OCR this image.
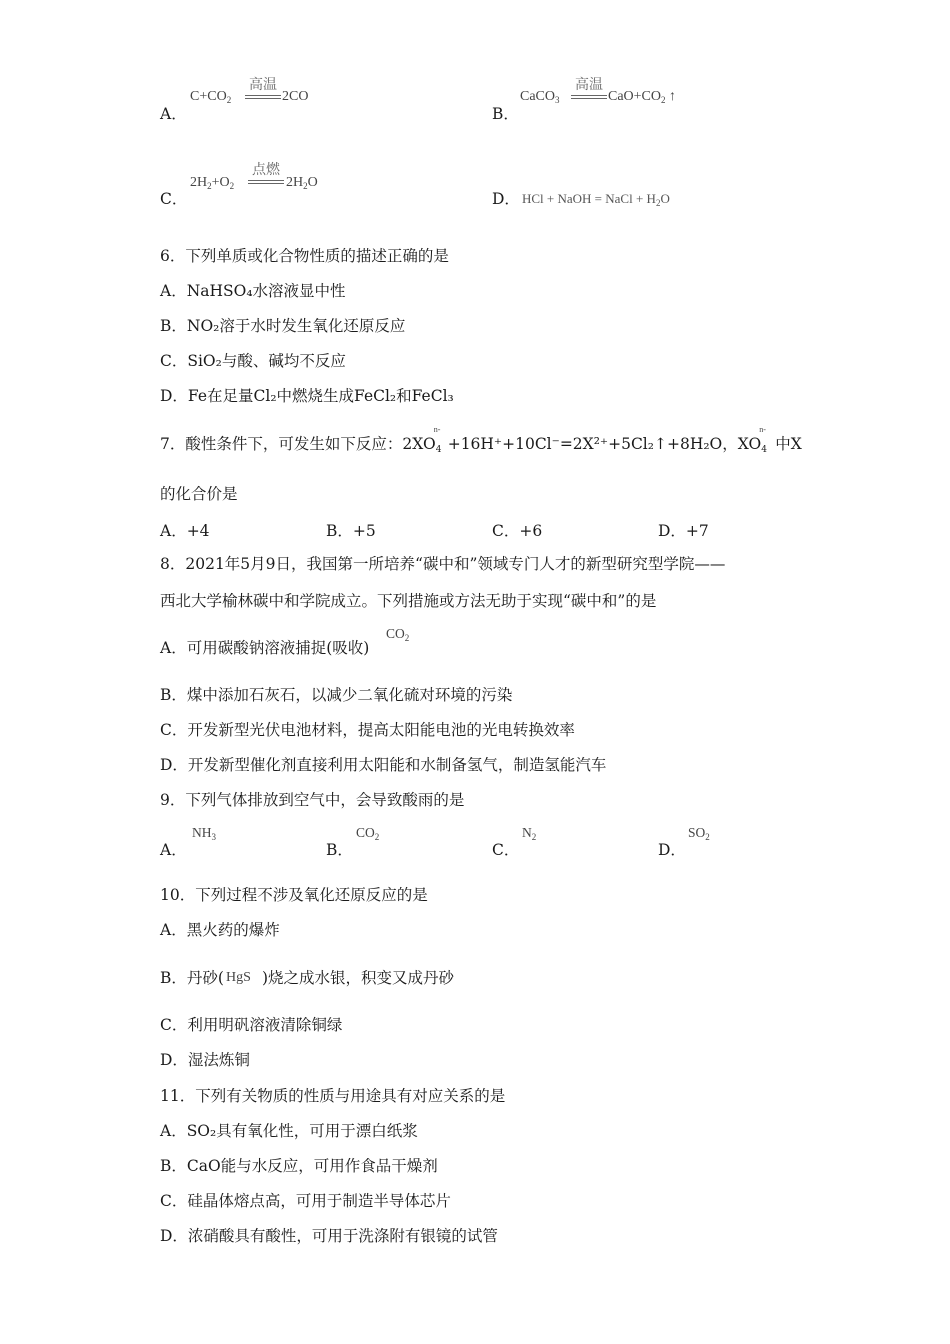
A．
$C+CO_2$
高温
2CO
B．
CaCO$_3$
高温
$CaO+CO_2$ ↑
C．
$2H_2+O_2$
点燃
$2H_2O$
D． HCl + NaOH = NaCl + $H_2O$
6．下列单质或化合物性质的描述正确的是
A．NaHSO₄水溶液显中性
B．NO₂溶于水时发生氧化还原反应
C．SiO₂与酸、碱均不反应
D．Fe在足量Cl₂中燃烧生成FeCl₂和FeCl₃
7．酸性条件下，可发生如下反应：2XO
n-
$_4$ +16H⁺+10Cl⁻=2X²⁺+5Cl₂↑+8H₂O，XO
n-
$_4$ 中X
的化合价是
A．+4	B．+5	C．+6	D．+7
8．2021年5月9日，我国第一所培养“碳中和”领域专门人才的新型研究型学院——
西北大学榆林碳中和学院成立。下列措施或方法无助于实现“碳中和”的是
A．可用碳酸钠溶液捕捉(吸收)
$CO_2$
B．煤中添加石灰石，以减少二氧化硫对环境的污染
C．开发新型光伏电池材料，提高太阳能电池的光电转换效率
D．开发新型催化剂直接利用太阳能和水制备氢气，制造氢能汽车
9．下列气体排放到空气中，会导致酸雨的是
A．
$NH_3$
B．
$CO_2$
C．
$N_2$
D．
$SO_2$
10．下列过程不涉及氧化还原反应的是
A．黑火药的爆炸
B．丹砂( HgS )烧之成水银，积变又成丹砂
C．利用明矾溶液清除铜绿
D．湿法炼铜
11．下列有关物质的性质与用途具有对应关系的是
A．SO₂具有氧化性，可用于漂白纸浆
B．CaO能与水反应，可用作食品干燥剂
C．硅晶体熔点高，可用于制造半导体芯片
D．浓硝酸具有酸性，可用于洗涤附有银镜的试管
